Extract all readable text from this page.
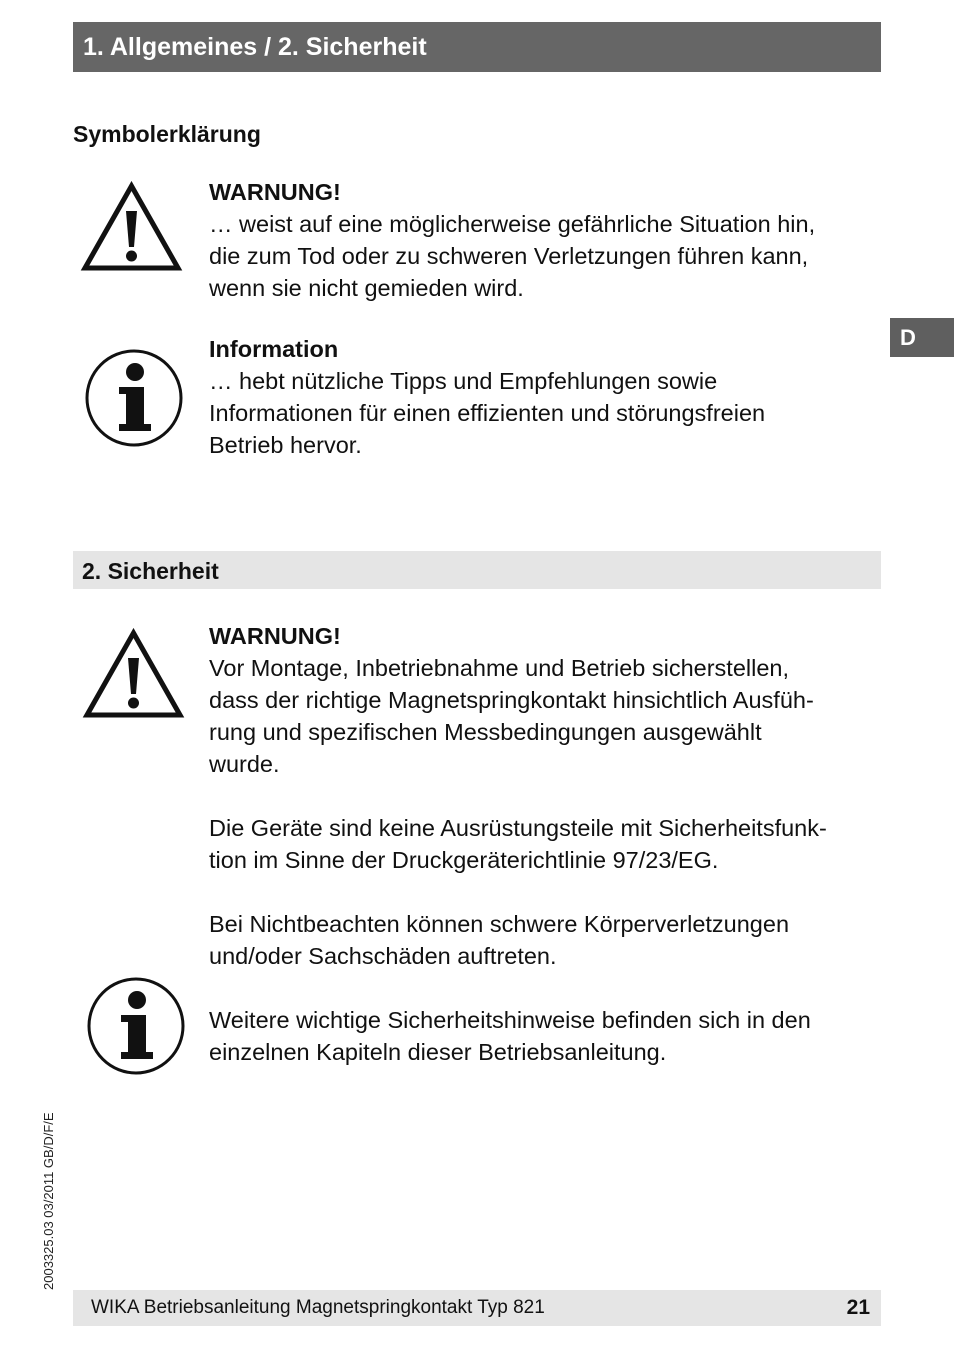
1. Allgemeines / 2. Sicherheit
D
Symbolerklärung

WARNUNG!

… weist auf eine möglicherweise gefährliche Situation hin,

die zum Tod oder zu schweren Verletzungen führen kann,

wenn sie nicht gemieden wird.

Information

… hebt nützliche Tipps und Empfehlungen sowie

Informationen für einen effizienten und störungsfreien

Betrieb hervor.

2. Sicherheit

WARNUNG!

Vor Montage, Inbetriebnahme und Betrieb sicherstellen,

dass der richtige Magnetspringkontakt hinsichtlich Ausfüh-

rung und spezifischen Messbedingungen ausgewählt

wurde.

Die Geräte sind keine Ausrüstungsteile mit Sicherheitsfunk-

tion im Sinne der Druckgeräterichtlinie 97/23/EG.

Bei Nichtbeachten können schwere Körperverletzungen

und/oder Sachschäden auftreten.

Weitere wichtige Sicherheitshinweise befinden sich in den

einzelnen Kapiteln dieser Betriebsanleitung.

2003325.03 03/2011 GB/D/F/E
WIKA Betriebsanleitung Magnetspringkontakt Typ 821	21
